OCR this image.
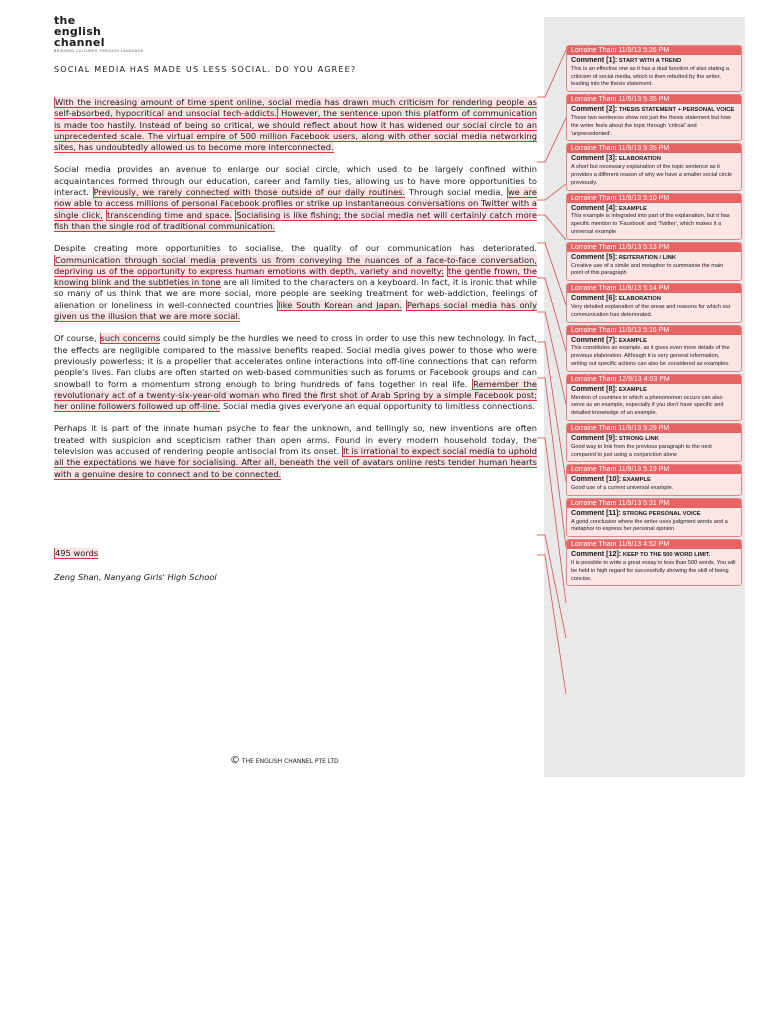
the
english
channel
BRIDGING CULTURES THROUGH LANGUAGE
SOCIAL MEDIA HAS MADE US LESS SOCIAL. DO YOU AGREE?

With the increasing amount of time spent online, social media has drawn much criticism for rendering people as self-absorbed, hypocritical and unsocial tech-addicts. However, the sentence upon this platform of communication is made too hastily. Instead of being so critical, we should reflect about how it has widened our social circle to an unprecedented scale. The virtual empire of 500 million Facebook users, along with other social media networking sites, has undoubtedly allowed us to become more interconnected.

Social media provides an avenue to enlarge our social circle, which used to be largely confined within acquaintances formed through our education, career and family ties, allowing us to have more opportunities to interact. Previously, we rarely connected with those outside of our daily routines. Through social media, we are now able to access millions of personal Facebook profiles or strike up instantaneous conversations on Twitter with a single click, transcending time and space. Socialising is like fishing; the social media net will certainly catch more fish than the single rod of traditional communication.

Despite creating more opportunities to socialise, the quality of our communication has deteriorated. Communication through social media prevents us from conveying the nuances of a face-to-face conversation, depriving us of the opportunity to express human emotions with depth, variety and novelty: the gentle frown, the knowing blink and the subtleties in tone are all limited to the characters on a keyboard. In fact, it is ironic that while so many of us think that we are more social, more people are seeking treatment for web-addiction, feelings of alienation or loneliness in well-connected countries like South Korean and Japan. Perhaps social media has only given us the illusion that we are more social.

Of course, such concerns could simply be the hurdles we need to cross in order to use this new technology. In fact, the effects are negligible compared to the massive benefits reaped. Social media gives power to those who were previously powerless; it is a propeller that accelerates online interactions into off-line connections that can reform people's lives. Fan clubs are often started on web-based communities such as forums or Facebook groups and can snowball to form a momentum strong enough to bring hundreds of fans together in real life. Remember the revolutionary act of a twenty-six-year-old woman who fired the first shot of Arab Spring by a simple Facebook post; her online followers followed up off-line. Social media gives everyone an equal opportunity to limitless connections.

Perhaps it is part of the innate human psyche to fear the unknown, and tellingly so, new inventions are often treated with suspicion and scepticism rather than open arms. Found in every modern household today, the television was accused of rendering people antisocial from its onset. It is irrational to expect social media to uphold all the expectations we have for socialising. After all, beneath the veil of avatars online rests tender human hearts with a genuine desire to connect and to be connected.

495 words
Zeng Shan, Nanyang Girls' High School
© THE ENGLISH CHANNEL PTE LTD
Lorraine Tham 11/9/13 5:26 PM
Comment [1]: START WITH A TREND
This is an effective one as it has a dual function of also stating a criticism of social media, which is then rebutted by the writer, leading into the thesis statement.
Lorraine Tham 11/9/13 5:35 PM
Comment [2]: THESIS STATEMENT + PERSONAL VOICE
These two sentences show not just the thesis statement but how the writer feels about the topic through 'critical' and 'unprecedented'.
Lorraine Tham 11/9/13 5:35 PM
Comment [3]: ELABORATION
A short but necessary explanation of the topic sentence as it provides a different reason of why we have a smaller social circle previously.
Lorraine Tham 11/9/13 5:10 PM
Comment [4]: EXAMPLE
This example is integrated into part of the explanation, but it has specific mention to 'Facebook' and 'Twitter', which makes it a universal example
Lorraine Tham 11/9/13 5:13 PM
Comment [5]: REITERATION / LINK
Creative use of a simile and metaphor to summarise the main point of this paragraph
Lorraine Tham 11/9/13 5:14 PM
Comment [6]: ELABORATION
Very detailed explanation of the areas and reasons for which our communication has deteriorated.
Lorraine Tham 11/9/13 5:16 PM
Comment [7]: EXAMPLE
This constitutes an example, as it gives even more details of the previous elaboration. Although it is very general information, writing out specific actions can also be considered as examples.
Lorraine Tham 12/9/13 4:03 PM
Comment [8]: EXAMPLE
Mention of countries in which a phenomenon occurs can also serve as an example, especially if you don't have specific and detailed knowledge of an example.
Lorraine Tham 11/9/13 5:29 PM
Comment [9]: STRONG LINK
Good way to link from the previous paragraph to the next compared to just using a conjunction alone
Lorraine Tham 11/9/13 5:19 PM
Comment [10]: EXAMPLE
Good use of a current universal example.
Lorraine Tham 11/9/13 5:31 PM
Comment [11]: STRONG PERSONAL VOICE
A good conclusion where the writer uses judgment words and a metaphor to express her personal opinion.
Lorraine Tham 11/9/13 4:52 PM
Comment [12]: KEEP TO THE 500 WORD LIMIT.
It is possible to write a great essay in less than 500 words. You will be held in high regard for successfully showing the skill of being concise.
